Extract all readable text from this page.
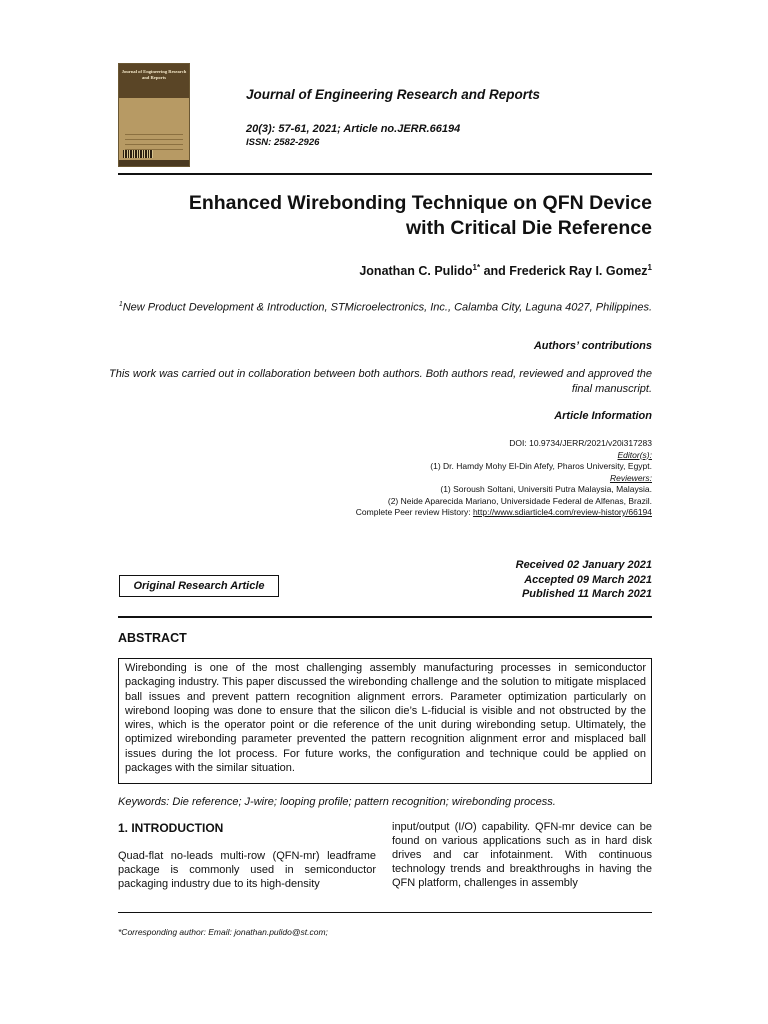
Journal of Engineering Research and Reports
Journal of Engineering Research and Reports
20(3): 57-61, 2021; Article no.JERR.66194
ISSN: 2582-2926
Enhanced Wirebonding Technique on QFN Device
with Critical Die Reference
Jonathan C. Pulido$^{1*}$ and Frederick Ray I. Gomez$^1$
$^1$New Product Development & Introduction, STMicroelectronics, Inc., Calamba City, Laguna 4027, Philippines.
Authors’ contributions
This work was carried out in collaboration between both authors. Both authors read, reviewed and approved the final manuscript.
Article Information
DOI: 10.9734/JERR/2021/v20i317283
Editor(s):
(1) Dr. Hamdy Mohy El-Din Afefy, Pharos University, Egypt.
Reviewers:
(1) Soroush Soltani, Universiti Putra Malaysia, Malaysia.
(2) Neide Aparecida Mariano, Universidade Federal de Alfenas, Brazil.
Complete Peer review History: http://www.sdiarticle4.com/review-history/66194
Original Research Article
Received 02 January 2021
Accepted 09 March 2021
Published 11 March 2021
ABSTRACT
Wirebonding is one of the most challenging assembly manufacturing processes in semiconductor packaging industry. This paper discussed the wirebonding challenge and the solution to mitigate misplaced ball issues and prevent pattern recognition alignment errors. Parameter optimization particularly on wirebond looping was done to ensure that the silicon die’s L-fiducial is visible and not obstructed by the wires, which is the operator point or die reference of the unit during wirebonding setup. Ultimately, the optimized wirebonding parameter prevented the pattern recognition alignment error and misplaced ball issues during the lot process. For future works, the configuration and technique could be applied on packages with the similar situation.
Keywords: Die reference; J-wire; looping profile; pattern recognition; wirebonding process.
1. INTRODUCTION
Quad-flat no-leads multi-row (QFN-mr) leadframe package is commonly used in semiconductor packaging industry due to its high-density
input/output (I/O) capability. QFN-mr device can be found on various applications such as in hard disk drives and car infotainment. With continuous technology trends and breakthroughs in having the QFN platform, challenges in assembly
*Corresponding author: Email: jonathan.pulido@st.com;
